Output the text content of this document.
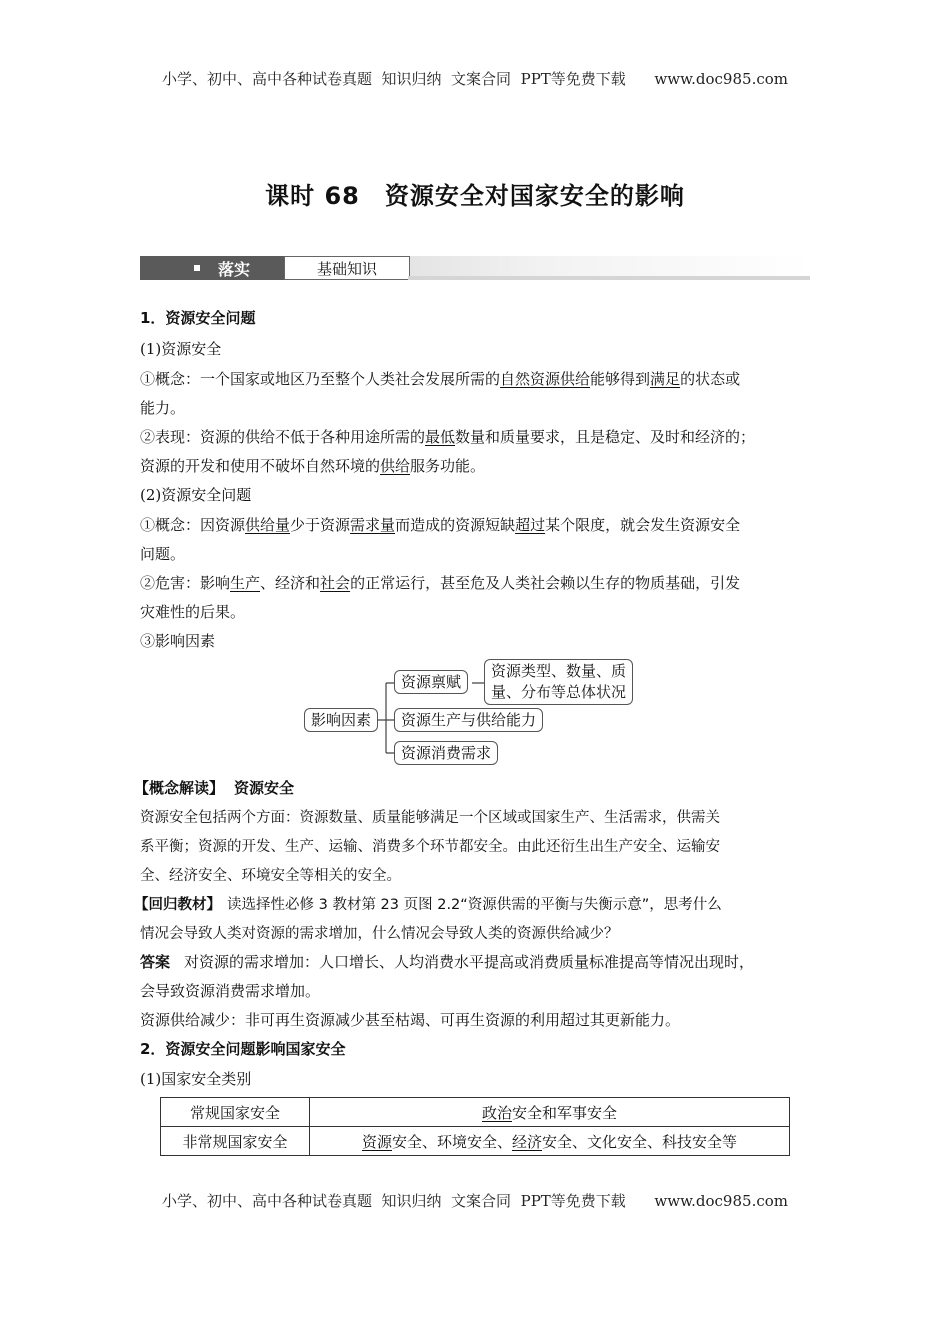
小学、初中、高中各种试卷真题  知识归纳  文案合同  PPT等免费下载      www.doc985.com
课时 68　资源安全对国家安全的影响
落实	基础知识
1．资源安全问题
(1)资源安全
①概念：一个国家或地区乃至整个人类社会发展所需的自然资源供给能够得到满足的状态或
能力。
②表现：资源的供给不低于各种用途所需的最低数量和质量要求，且是稳定、及时和经济的；
资源的开发和使用不破坏自然环境的供给服务功能。
(2)资源安全问题
①概念：因资源供给量少于资源需求量而造成的资源短缺超过某个限度，就会发生资源安全
问题。
②危害：影响生产、经济和社会的正常运行，甚至危及人类社会赖以生存的物质基础，引发
灾难性的后果。
③影响因素
影响因素
资源禀赋
资源类型、数量、质
量、分布等总体状况
资源生产与供给能力
资源消费需求
【概念解读】 资源安全
资源安全包括两个方面：资源数量、质量能够满足一个区域或国家生产、生活需求，供需关
系平衡；资源的开发、生产、运输、消费多个环节都安全。由此还衍生出生产安全、运输安
全、经济安全、环境安全等相关的安全。
【回归教材】 读选择性必修 3 教材第 23 页图 2.2“资源供需的平衡与失衡示意”，思考什么
情况会导致人类对资源的需求增加，什么情况会导致人类的资源供给减少？
答案 对资源的需求增加：人口增长、人均消费水平提高或消费质量标准提高等情况出现时，
会导致资源消费需求增加。
资源供给减少：非可再生资源减少甚至枯竭、可再生资源的利用超过其更新能力。
2．资源安全问题影响国家安全
(1)国家安全类别
常规国家安全	政治安全和军事安全
非常规国家安全	资源安全、环境安全、经济安全、文化安全、科技安全等
小学、初中、高中各种试卷真题  知识归纳  文案合同  PPT等免费下载      www.doc985.com
